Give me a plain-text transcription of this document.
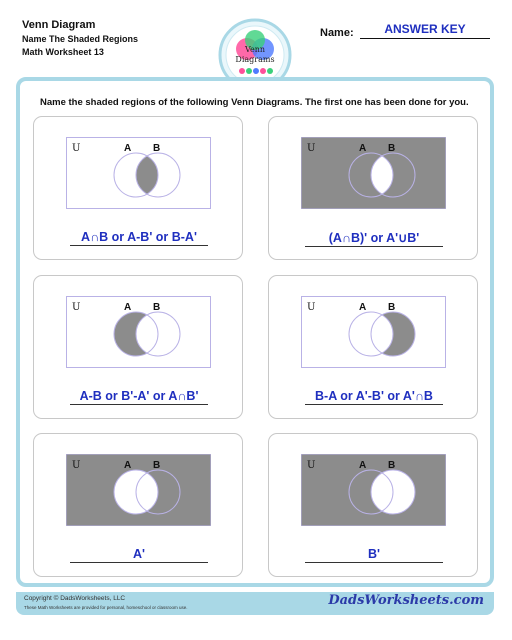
Venn Diagram
Name The Shaded Regions
Math Worksheet 13	Venn
Diagrams
Name:	ANSWER KEY
Name the shaded regions of the following Venn Diagrams. The first one has been done for you.
U	A B
A∩B or A-B' or B-A'
U	A B
(A∩B)' or A'∪B'
U	A B
A-B or B'-A' or A∩B'
U	A B
B-A or A'-B' or A'∩B
U	A B
A'
U	A B
B'
Copyright © DadsWorksheets, LLC
These Math Worksheets are provided for personal, homeschool or classroom use.	DadsWorksheets.com
